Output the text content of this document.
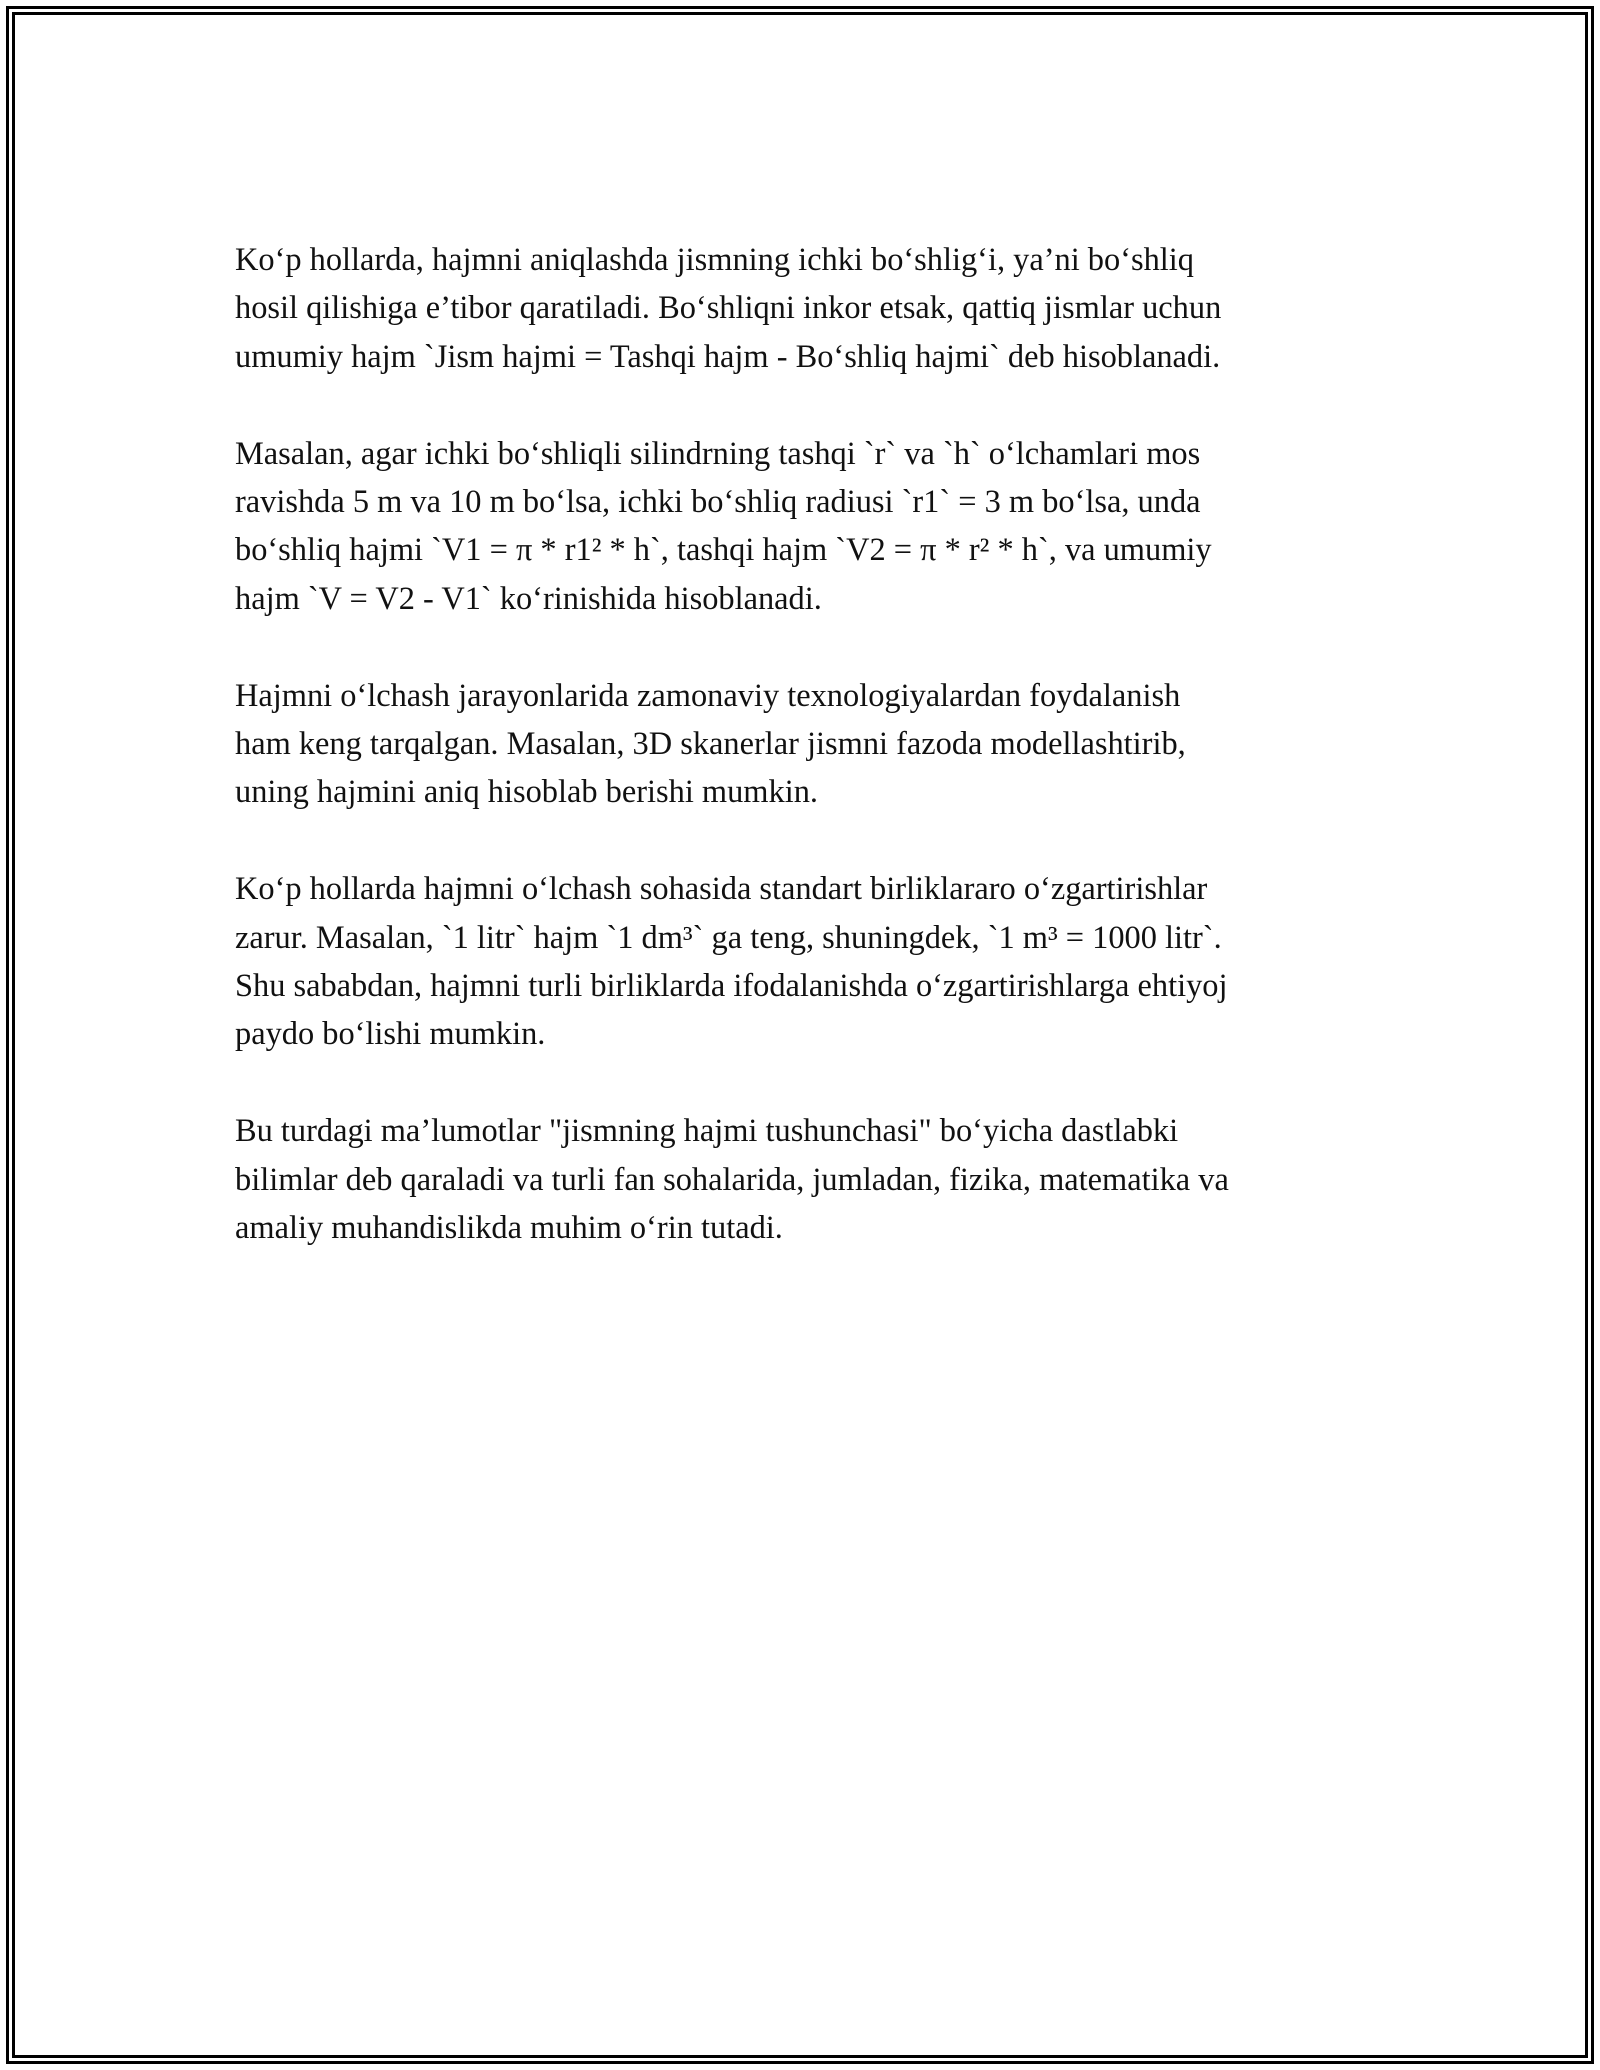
Koʻp hollarda, hajmni aniqlashda jismning ichki boʻshligʻi, ya’ni boʻshliq
hosil qilishiga e’tibor qaratiladi. Boʻshliqni inkor etsak, qattiq jismlar uchun
umumiy hajm `Jism hajmi = Tashqi hajm - Boʻshliq hajmi` deb hisoblanadi.

Masalan, agar ichki boʻshliqli silindrning tashqi `r` va `h` oʻlchamlari mos
ravishda 5 m va 10 m boʻlsa, ichki boʻshliq radiusi `r1` = 3 m boʻlsa, unda
boʻshliq hajmi `V1 = π * r1² * h`, tashqi hajm `V2 = π * r² * h`, va umumiy
hajm `V = V2 - V1` koʻrinishida hisoblanadi.

Hajmni oʻlchash jarayonlarida zamonaviy texnologiyalardan foydalanish
ham keng tarqalgan. Masalan, 3D skanerlar jismni fazoda modellashtirib,
uning hajmini aniq hisoblab berishi mumkin.

Koʻp hollarda hajmni oʻlchash sohasida standart birliklararo oʻzgartirishlar
zarur. Masalan, `1 litr` hajm `1 dm³` ga teng, shuningdek, `1 m³ = 1000 litr`.
Shu sababdan, hajmni turli birliklarda ifodalanishda oʻzgartirishlarga ehtiyoj
paydo boʻlishi mumkin.

Bu turdagi ma’lumotlar "jismning hajmi tushunchasi" boʻyicha dastlabki
bilimlar deb qaraladi va turli fan sohalarida, jumladan, fizika, matematika va
amaliy muhandislikda muhim oʻrin tutadi.
